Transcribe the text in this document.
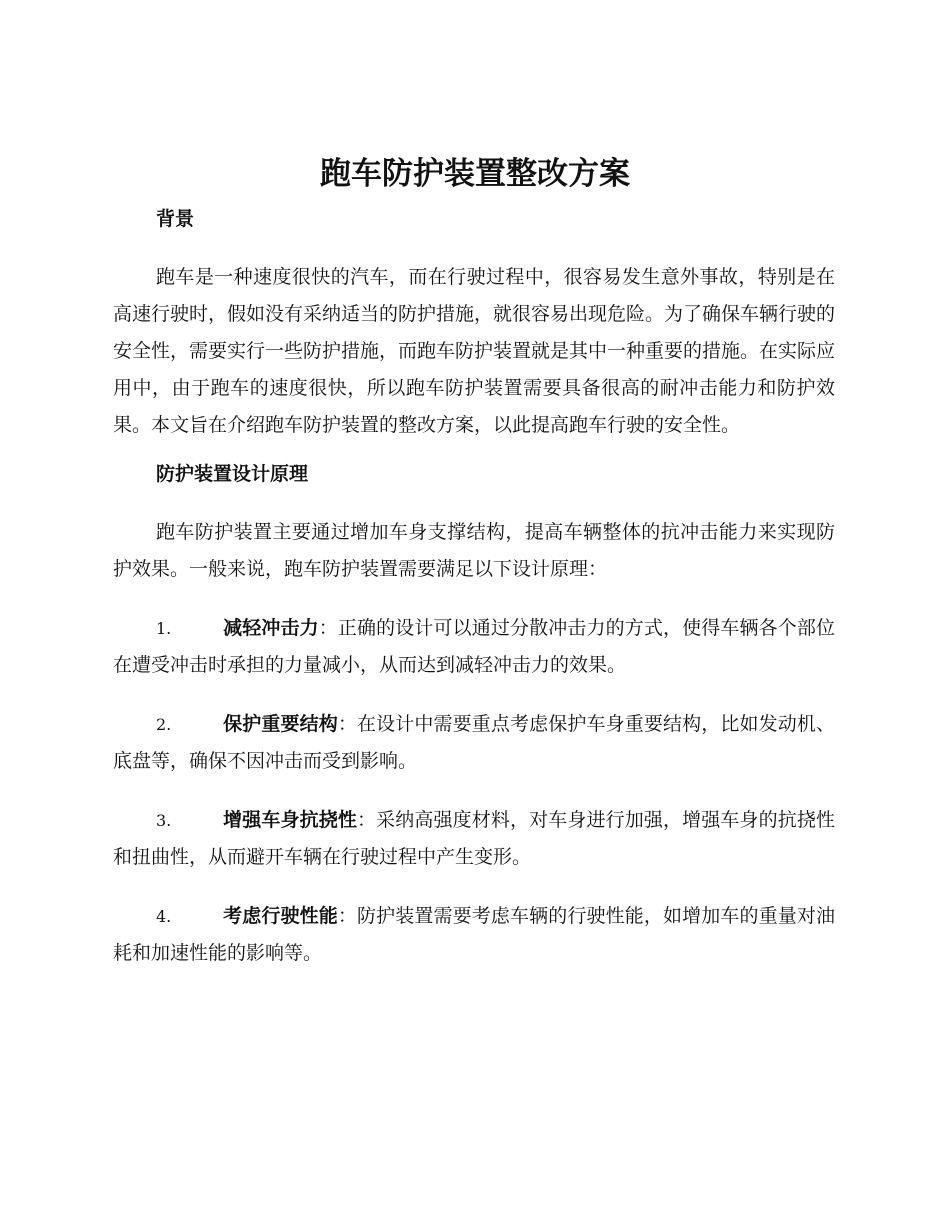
跑车防护装置整改方案
背景

跑车是一种速度很快的汽车，而在行驶过程中，很容易发生意外事故，特别是在高速行驶时，假如没有采纳适当的防护措施，就很容易出现危险。为了确保车辆行驶的安全性，需要实行一些防护措施，而跑车防护装置就是其中一种重要的措施。在实际应用中，由于跑车的速度很快，所以跑车防护装置需要具备很高的耐冲击能力和防护效果。本文旨在介绍跑车防护装置的整改方案，以此提高跑车行驶的安全性。

防护装置设计原理

跑车防护装置主要通过增加车身支撑结构，提高车辆整体的抗冲击能力来实现防护效果。一般来说，跑车防护装置需要满足以下设计原理：

1.	减轻冲击力：正确的设计可以通过分散冲击力的方式，使得车辆各个部位在遭受冲击时承担的力量减小，从而达到减轻冲击力的效果。

2.	保护重要结构：在设计中需要重点考虑保护车身重要结构，比如发动机、底盘等，确保不因冲击而受到影响。

3.	增强车身抗挠性：采纳高强度材料，对车身进行加强，增强车身的抗挠性和扭曲性，从而避开车辆在行驶过程中产生变形。

4.	考虑行驶性能：防护装置需要考虑车辆的行驶性能，如增加车的重量对油耗和加速性能的影响等。
